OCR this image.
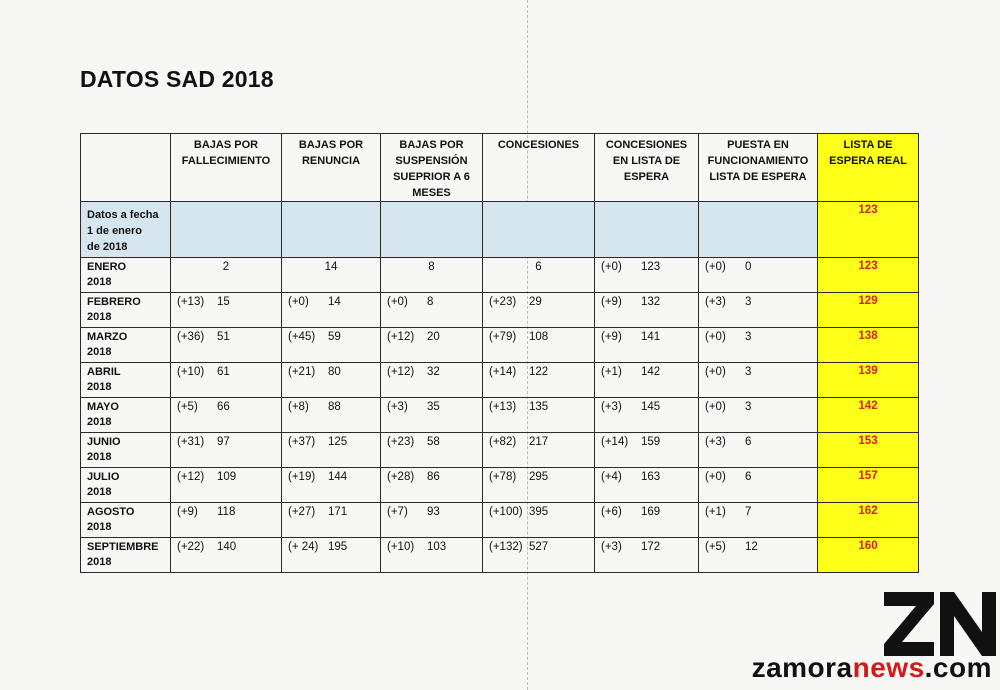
DATOS SAD 2018

	BAJAS POR
FALLECIMIENTO	BAJAS POR
RENUNCIA	BAJAS POR
SUSPENSIÓN
SUEPRIOR A 6
MESES	CONCESIONES	CONCESIONES
EN LISTA DE
ESPERA	PUESTA EN
FUNCIONAMIENTO
LISTA DE ESPERA	LISTA DE
ESPERA REAL

Datos a fecha
1 de enero
de 2018							123
ENERO
2018	2	14	8	6	(+0) 123	(+0) 0	123
FEBRERO
2018	(+13) 15	(+0) 14	(+0) 8	(+23) 29	(+9) 132	(+3) 3	129
MARZO
2018	(+36) 51	(+45) 59	(+12) 20	(+79) 108	(+9) 141	(+0) 3	138
ABRIL
2018	(+10) 61	(+21) 80	(+12) 32	(+14) 122	(+1) 142	(+0) 3	139
MAYO
2018	(+5) 66	(+8) 88	(+3) 35	(+13) 135	(+3) 145	(+0) 3	142
JUNIO
2018	(+31) 97	(+37) 125	(+23) 58	(+82) 217	(+14) 159	(+3) 6	153
JULIO
2018	(+12) 109	(+19) 144	(+28) 86	(+78) 295	(+4) 163	(+0) 6	157
AGOSTO
2018	(+9) 118	(+27) 171	(+7) 93	(+100) 395	(+6) 169	(+1) 7	162
SEPTIEMBRE
2018	(+22) 140	(+ 24) 195	(+10) 103	(+132) 527	(+3) 172	(+5) 12	160
zamoranews.com
